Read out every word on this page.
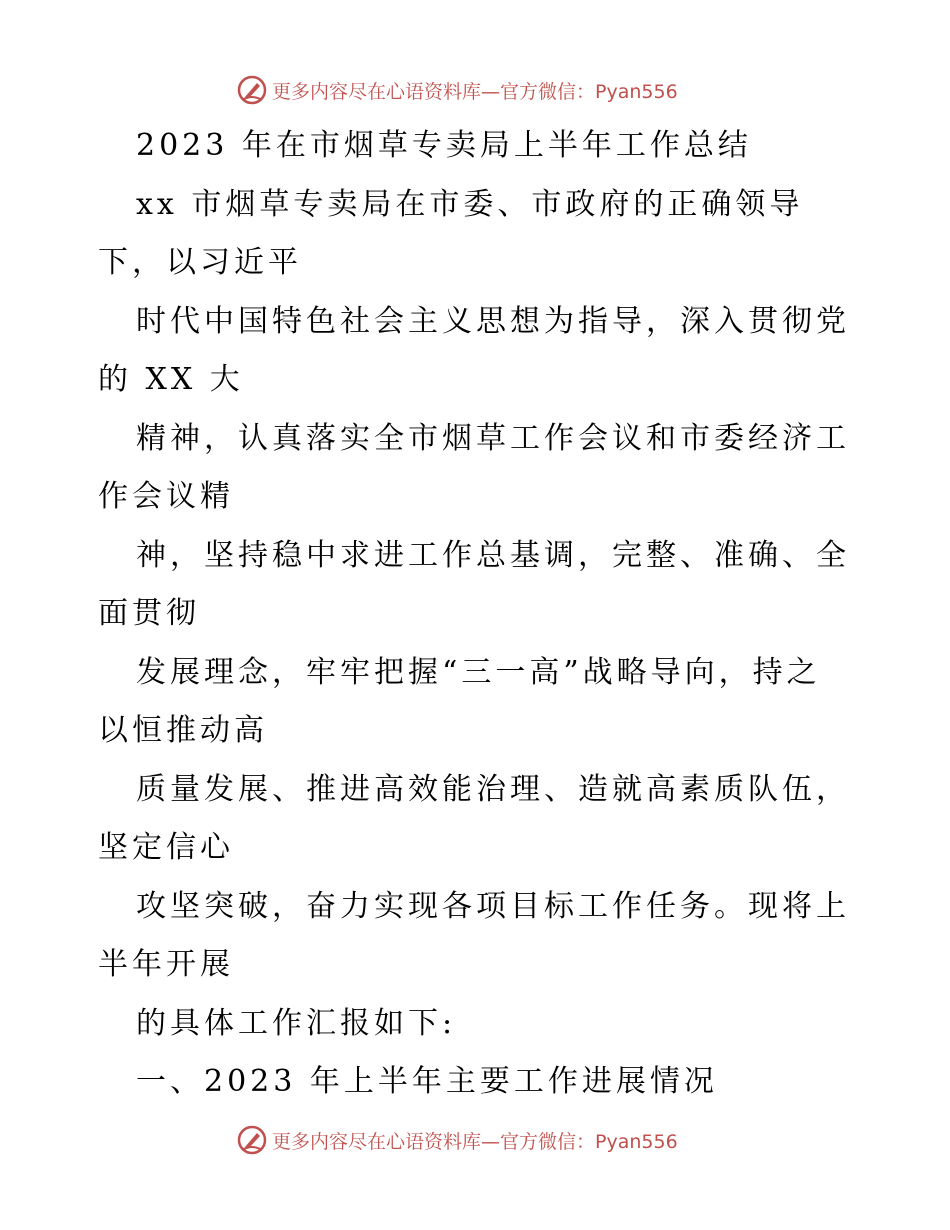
更多内容尽在心语资料库—官方微信：Pyan556
2023 年在市烟草专卖局上半年工作总结
xx 市烟草专卖局在市委、市政府的正确领导
下，以习近平
时代中国特色社会主义思想为指导，深入贯彻党
的 XX 大
精神，认真落实全市烟草工作会议和市委经济工
作会议精
神，坚持稳中求进工作总基调，完整、准确、全
面贯彻
发展理念，牢牢把握“三一高”战略导向，持之
以恒推动高
质量发展、推进高效能治理、造就高素质队伍，
坚定信心
攻坚突破，奋力实现各项目标工作任务。现将上
半年开展
的具体工作汇报如下:
一、2023 年上半年主要工作进展情况
更多内容尽在心语资料库—官方微信：Pyan556
